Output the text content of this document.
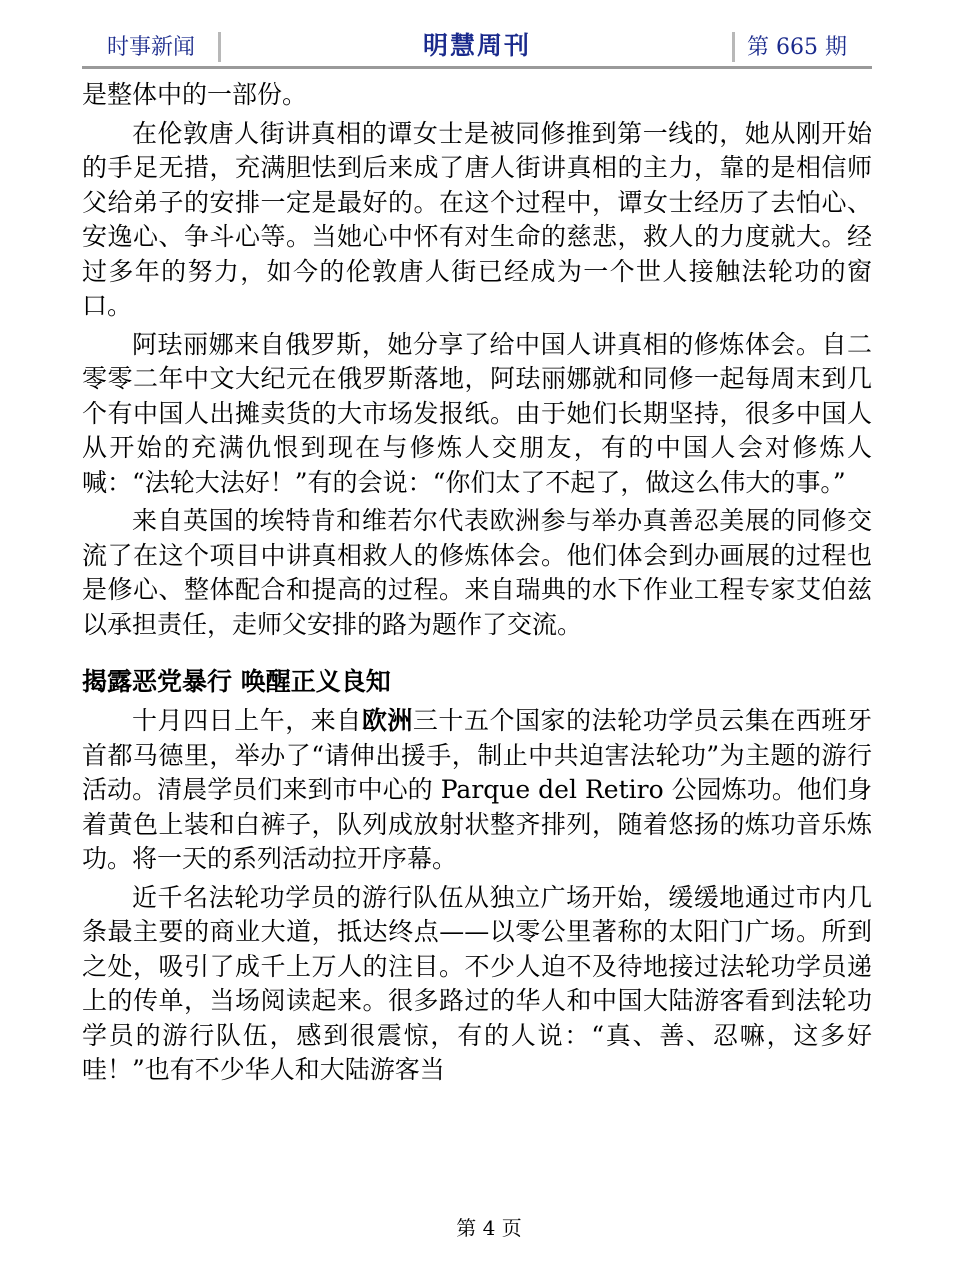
时事新闻	明慧周刊	第 665 期

是整体中的一部份。

在伦敦唐人街讲真相的谭女士是被同修推到第一线的，她从刚开始的手足无措，充满胆怯到后来成了唐人街讲真相的主力，靠的是相信师父给弟子的安排一定是最好的。在这个过程中，谭女士经历了去怕心、安逸心、争斗心等。当她心中怀有对生命的慈悲，救人的力度就大。经过多年的努力，如今的伦敦唐人街已经成为一个世人接触法轮功的窗口。

阿珐丽娜来自俄罗斯，她分享了给中国人讲真相的修炼体会。自二零零二年中文大纪元在俄罗斯落地，阿珐丽娜就和同修一起每周末到几个有中国人出摊卖货的大市场发报纸。由于她们长期坚持，很多中国人从开始的充满仇恨到现在与修炼人交朋友，有的中国人会对修炼人喊：“法轮大法好！”有的会说：“你们太了不起了，做这么伟大的事。”

来自英国的埃特肯和维若尔代表欧洲参与举办真善忍美展的同修交流了在这个项目中讲真相救人的修炼体会。他们体会到办画展的过程也是修心、整体配合和提高的过程。来自瑞典的水下作业工程专家艾伯兹以承担责任，走师父安排的路为题作了交流。

揭露恶党暴行 唤醒正义良知

十月四日上午，来自欧洲三十五个国家的法轮功学员云集在西班牙首都马德里，举办了“请伸出援手，制止中共迫害法轮功”为主题的游行活动。清晨学员们来到市中心的 Parque del Retiro 公园炼功。他们身着黄色上装和白裤子，队列成放射状整齐排列，随着悠扬的炼功音乐炼功。将一天的系列活动拉开序幕。

近千名法轮功学员的游行队伍从独立广场开始，缓缓地通过市内几条最主要的商业大道，抵达终点——以零公里著称的太阳门广场。所到之处，吸引了成千上万人的注目。不少人迫不及待地接过法轮功学员递上的传单，当场阅读起来。很多路过的华人和中国大陆游客看到法轮功学员的游行队伍，感到很震惊，有的人说：“真、善、忍嘛，这多好哇！”也有不少华人和大陆游客当

第 4 页
